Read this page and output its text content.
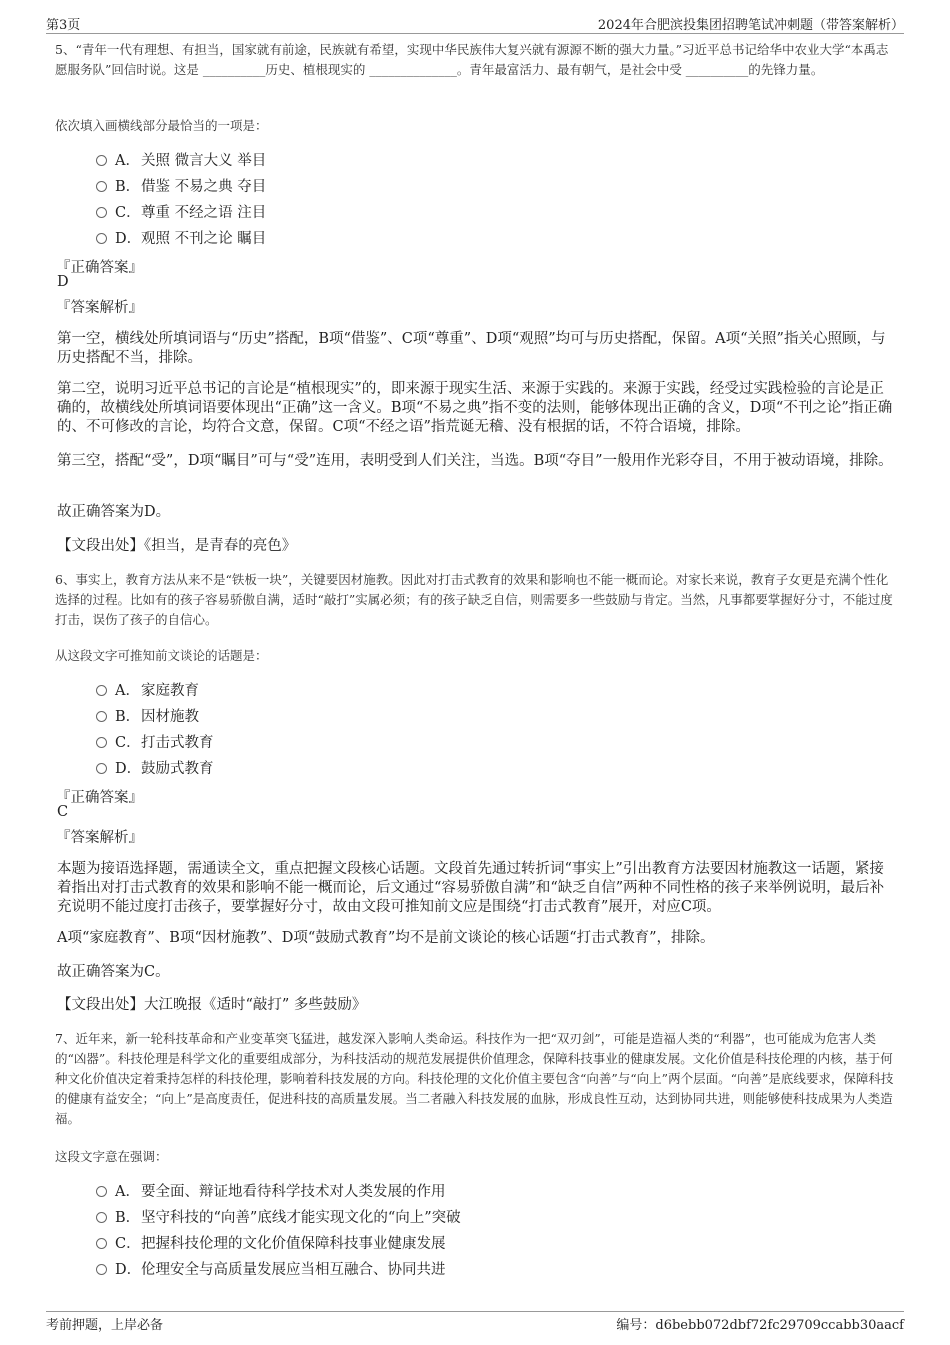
第3页	2024年合肥滨投集团招聘笔试冲刺题（带答案解析）
5、“青年一代有理想、有担当，国家就有前途，民族就有希望，实现中华民族伟大复兴就有源源不断的强大力量。”习近平总书记给华中农业大学“本禹志愿服务队”回信时说。这是 __________历史、植根现实的 ______________。青年最富活力、最有朝气，是社会中受 __________的先锋力量。
依次填入画横线部分最恰当的一项是：
A．关照 微言大义 举目
B．借鉴 不易之典 夺目
C．尊重 不经之语 注目
D．观照 不刊之论 瞩目
『正确答案』
D
『答案解析』
第一空，横线处所填词语与“历史”搭配，B项“借鉴”、C项“尊重”、D项“观照”均可与历史搭配，保留。A项“关照”指关心照顾，与历史搭配不当，排除。
第二空，说明习近平总书记的言论是“植根现实”的，即来源于现实生活、来源于实践的。来源于实践，经受过实践检验的言论是正确的，故横线处所填词语要体现出“正确”这一含义。B项“不易之典”指不变的法则，能够体现出正确的含义，D项“不刊之论”指正确的、不可修改的言论，均符合文意，保留。C项“不经之语”指荒诞无稽、没有根据的话，不符合语境，排除。
第三空，搭配“受”，D项“瞩目”可与“受”连用，表明受到人们关注，当选。B项“夺目”一般用作光彩夺目，不用于被动语境，排除。
故正确答案为D。
【文段出处】《担当，是青春的亮色》
6、事实上，教育方法从来不是“铁板一块”，关键要因材施教。因此对打击式教育的效果和影响也不能一概而论。对家长来说，教育子女更是充满个性化选择的过程。比如有的孩子容易骄傲自满，适时“敲打”实属必须；有的孩子缺乏自信，则需要多一些鼓励与肯定。当然，凡事都要掌握好分寸，不能过度打击，误伤了孩子的自信心。
从这段文字可推知前文谈论的话题是：
A．家庭教育
B．因材施教
C．打击式教育
D．鼓励式教育
『正确答案』
C
『答案解析』
本题为接语选择题，需通读全文，重点把握文段核心话题。文段首先通过转折词“事实上”引出教育方法要因材施教这一话题，紧接着指出对打击式教育的效果和影响不能一概而论，后文通过“容易骄傲自满”和“缺乏自信”两种不同性格的孩子来举例说明，最后补充说明不能过度打击孩子，要掌握好分寸，故由文段可推知前文应是围绕“打击式教育”展开，对应C项。
A项“家庭教育”、B项“因材施教”、D项“鼓励式教育”均不是前文谈论的核心话题“打击式教育”，排除。
故正确答案为C。
【文段出处】大江晚报《适时“敲打” 多些鼓励》
7、近年来，新一轮科技革命和产业变革突飞猛进，越发深入影响人类命运。科技作为一把“双刃剑”，可能是造福人类的“利器”，也可能成为危害人类的“凶器”。科技伦理是科学文化的重要组成部分，为科技活动的规范发展提供价值理念，保障科技事业的健康发展。文化价值是科技伦理的内核，基于何种文化价值决定着秉持怎样的科技伦理，影响着科技发展的方向。科技伦理的文化价值主要包含“向善”与“向上”两个层面。“向善”是底线要求，保障科技的健康有益安全；“向上”是高度责任，促进科技的高质量发展。当二者融入科技发展的血脉，形成良性互动，达到协同共进，则能够使科技成果为人类造福。
这段文字意在强调：
A．要全面、辩证地看待科学技术对人类发展的作用
B．坚守科技的“向善”底线才能实现文化的“向上”突破
C．把握科技伦理的文化价值保障科技事业健康发展
D．伦理安全与高质量发展应当相互融合、协同共进
考前押题，上岸必备	编号：d6bebb072dbf72fc29709ccabb30aacf
